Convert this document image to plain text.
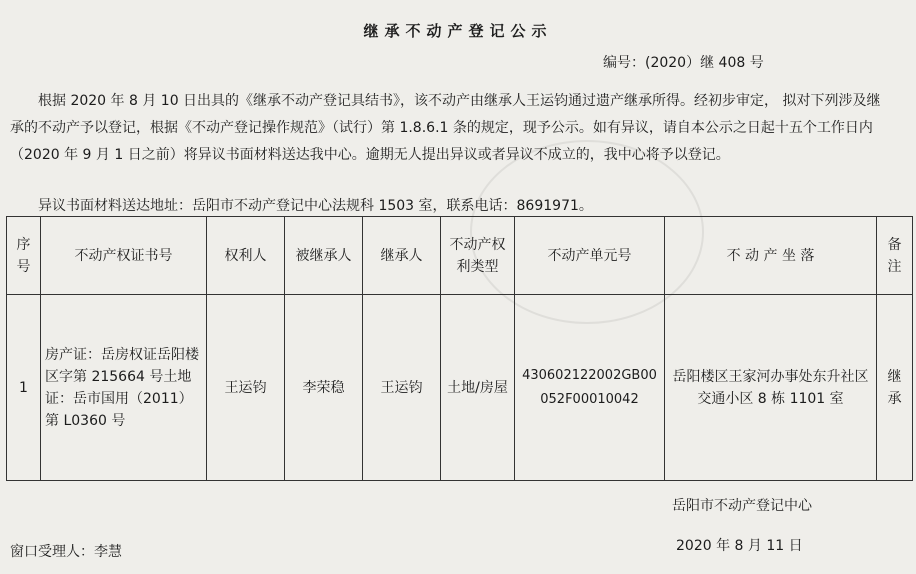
继承不动产登记公示
编号：(2020）继 408 号

根据 2020 年 8 月 10 日出具的《继承不动产登记具结书》，该不动产由继承人王运钧通过遗产继承所得。经初步审定， 拟对下列涉及继承的不动产予以登记，根据《不动产登记操作规范》（试行）第 1.8.6.1 条的规定，现予公示。如有异议，请自本公示之日起十五个工作日内（2020 年 9 月 1 日之前）将异议书面材料送达我中心。逾期无人提出异议或者异议不成立的，我中心将予以登记。

异议书面材料送达地址：岳阳市不动产登记中心法规科 1503 室，联系电话：8691971。
序号	不动产权证书号	权利人	被继承人	继承人	不动产权利类型	不动产单元号	不 动 产 坐 落	备注
1	房产证：岳房权证岳阳楼区字第 215664 号土地证：岳市国用（2011）第 L0360 号	王运钧	李荣稳	王运钧	土地/房屋	430602122002GB00052F00010042	岳阳楼区王家河办事处东升社区交通小区 8 栋 1101 室	继承
岳阳市不动产登记中心
窗口受理人：李慧	2020 年 8 月 11 日
